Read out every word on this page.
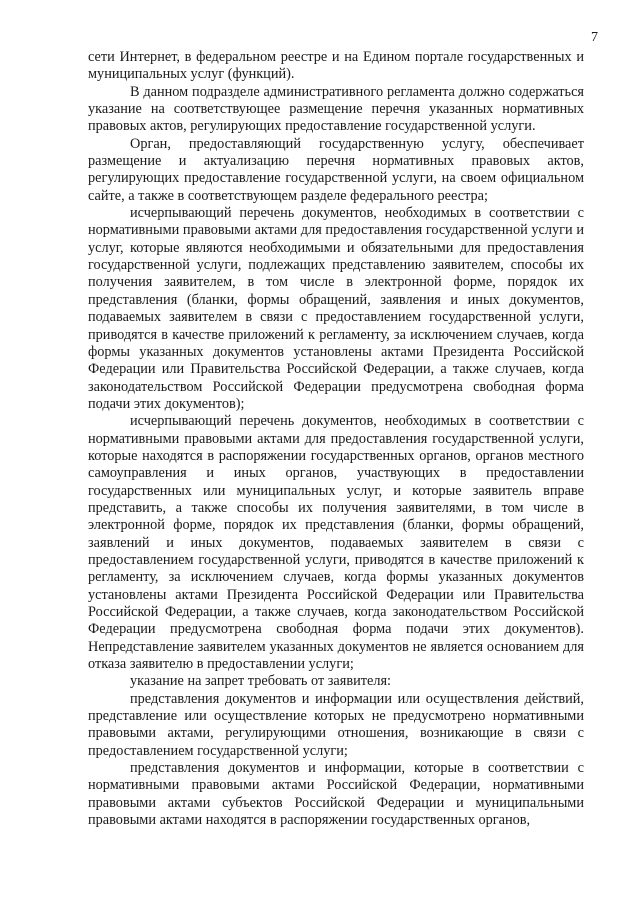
7

сети Интернет, в федеральном реестре и на Едином портале государственных и муниципальных услуг (функций).

В данном подразделе административного регламента должно содержаться указание на соответствующее размещение перечня указанных нормативных правовых актов, регулирующих предоставление государственной услуги.

Орган, предоставляющий государственную услугу, обеспечивает размещение и актуализацию перечня нормативных правовых актов, регулирующих предоставление государственной услуги, на своем официальном сайте, а также в соответствующем разделе федерального реестра;

исчерпывающий перечень документов, необходимых в соответствии с нормативными правовыми актами для предоставления государственной услуги и услуг, которые являются необходимыми и обязательными для предоставления государственной услуги, подлежащих представлению заявителем, способы их получения заявителем, в том числе в электронной форме, порядок их представления (бланки, формы обращений, заявления и иных документов, подаваемых заявителем в связи с предоставлением государственной услуги, приводятся в качестве приложений к регламенту, за исключением случаев, когда формы указанных документов установлены актами Президента Российской Федерации или Правительства Российской Федерации, а также случаев, когда законодательством Российской Федерации предусмотрена свободная форма подачи этих документов);

исчерпывающий перечень документов, необходимых в соответствии с нормативными правовыми актами для предоставления государственной услуги, которые находятся в распоряжении государственных органов, органов местного самоуправления и иных органов, участвующих в предоставлении государственных или муниципальных услуг, и которые заявитель вправе представить, а также способы их получения заявителями, в том числе в электронной форме, порядок их представления (бланки, формы обращений, заявлений и иных документов, подаваемых заявителем в связи с предоставлением государственной услуги, приводятся в качестве приложений к регламенту, за исключением случаев, когда формы указанных документов установлены актами Президента Российской Федерации или Правительства Российской Федерации, а также случаев, когда законодательством Российской Федерации предусмотрена свободная форма подачи этих документов). Непредставление заявителем указанных документов не является основанием для отказа заявителю в предоставлении услуги;

указание на запрет требовать от заявителя:

представления документов и информации или осуществления действий, представление или осуществление которых не предусмотрено нормативными правовыми актами, регулирующими отношения, возникающие в связи с предоставлением государственной услуги;

представления документов и информации, которые в соответствии с нормативными правовыми актами Российской Федерации, нормативными правовыми актами субъектов Российской Федерации и муниципальными правовыми актами находятся в распоряжении государственных органов,
